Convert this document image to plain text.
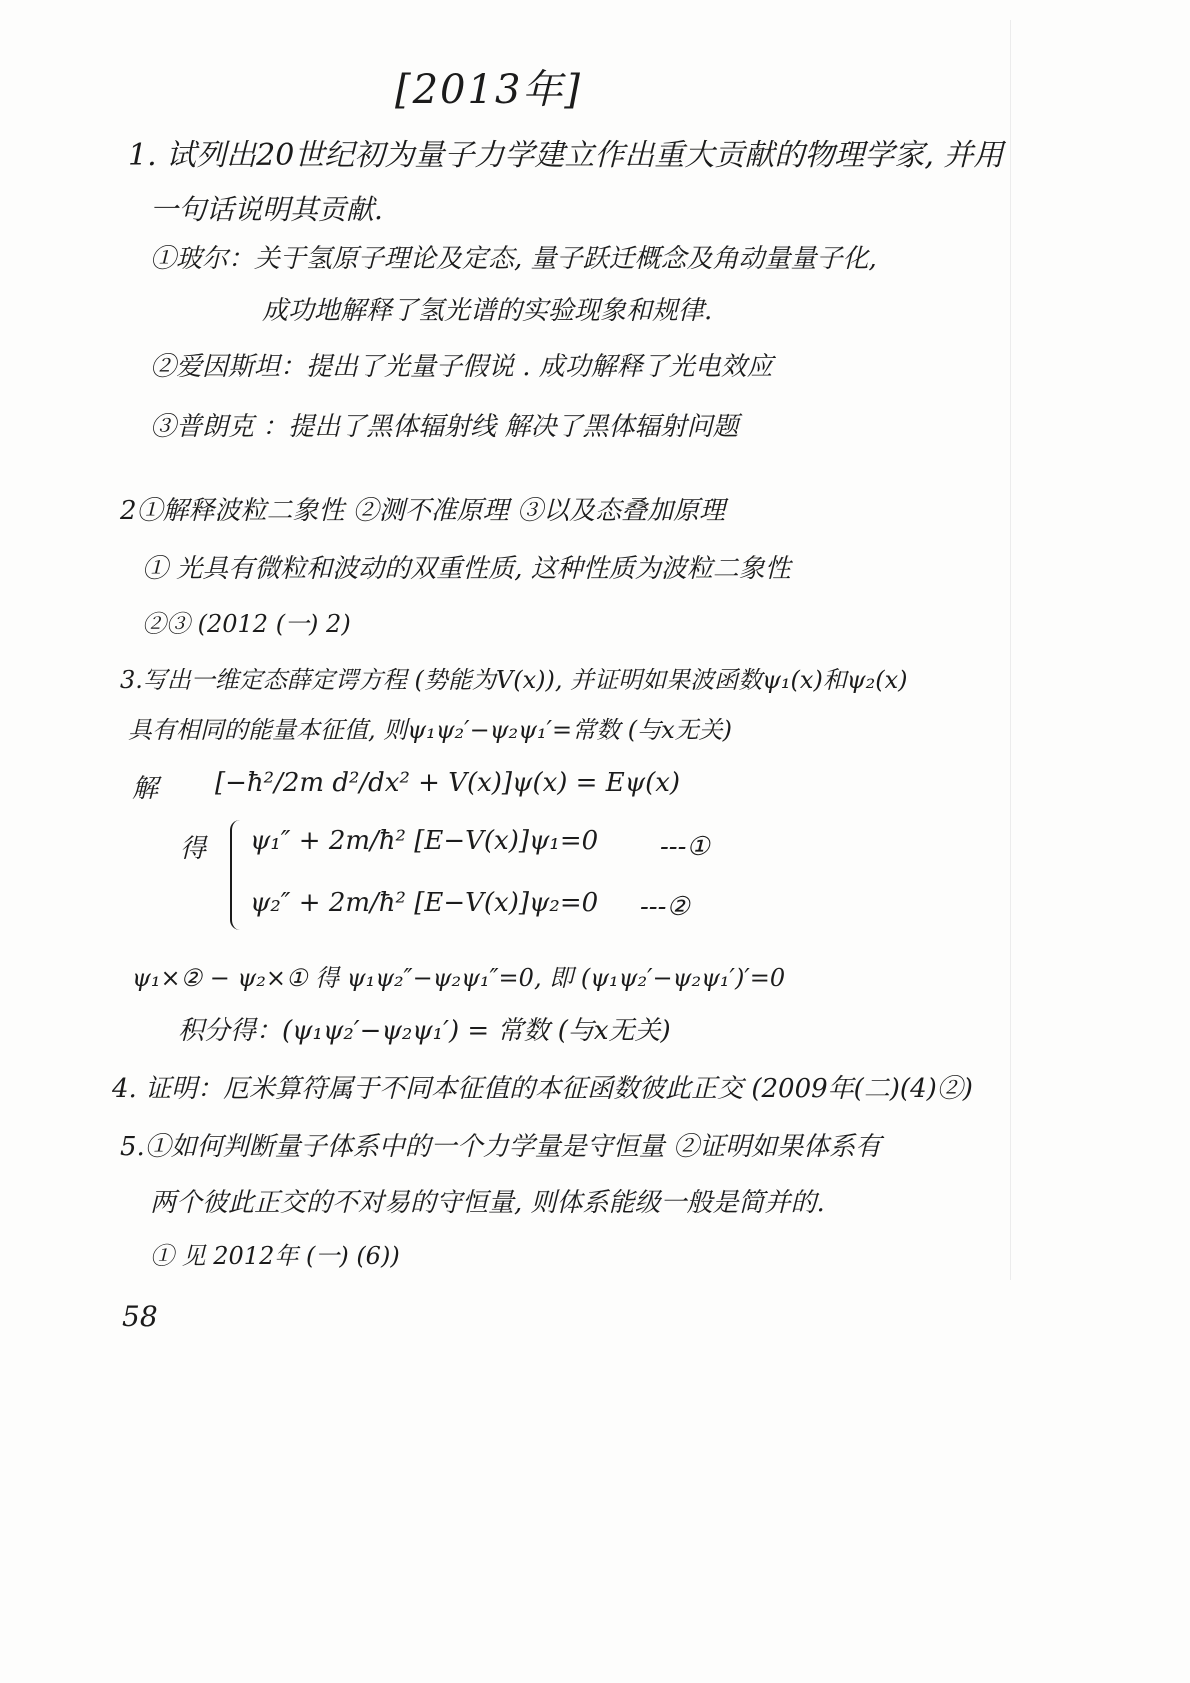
[2013年]
1. 试列出20世纪初为量子力学建立作出重大贡献的物理学家, 并用
一句话说明其贡献.
①玻尔：关于氢原子理论及定态, 量子跃迁概念及角动量量子化,
成功地解释了氢光谱的实验现象和规律.
②爱因斯坦：提出了光量子假说 . 成功解释了光电效应
③普朗克 ：提出了黑体辐射线 解决了黑体辐射问题
2①解释波粒二象性 ②测不准原理 ③以及态叠加原理
① 光具有微粒和波动的双重性质, 这种性质为波粒二象性
②③ (2012 (一) 2)
3.写出一维定态薛定谔方程 (势能为V(x)), 并证明如果波函数ψ₁(x)和ψ₂(x)
具有相同的能量本征值, 则ψ₁ψ₂′−ψ₂ψ₁′=常数 (与x无关)
解 [−ħ²/2m d²/dx² + V(x)]ψ(x) = Eψ(x)
得 ψ₁″ + 2m/ħ² [E−V(x)]ψ₁=0 ---①
ψ₂″ + 2m/ħ² [E−V(x)]ψ₂=0 ---②
ψ₁×② − ψ₂×① 得 ψ₁ψ₂″−ψ₂ψ₁″=0, 即 (ψ₁ψ₂′−ψ₂ψ₁′)′=0
积分得：(ψ₁ψ₂′−ψ₂ψ₁′) = 常数 (与x无关)
4. 证明：厄米算符属于不同本征值的本征函数彼此正交 (2009年(二)(4)②)
5.①如何判断量子体系中的一个力学量是守恒量 ②证明如果体系有
两个彼此正交的不对易的守恒量, 则体系能级一般是简并的.
① 见 2012年 (一) (6))
58
